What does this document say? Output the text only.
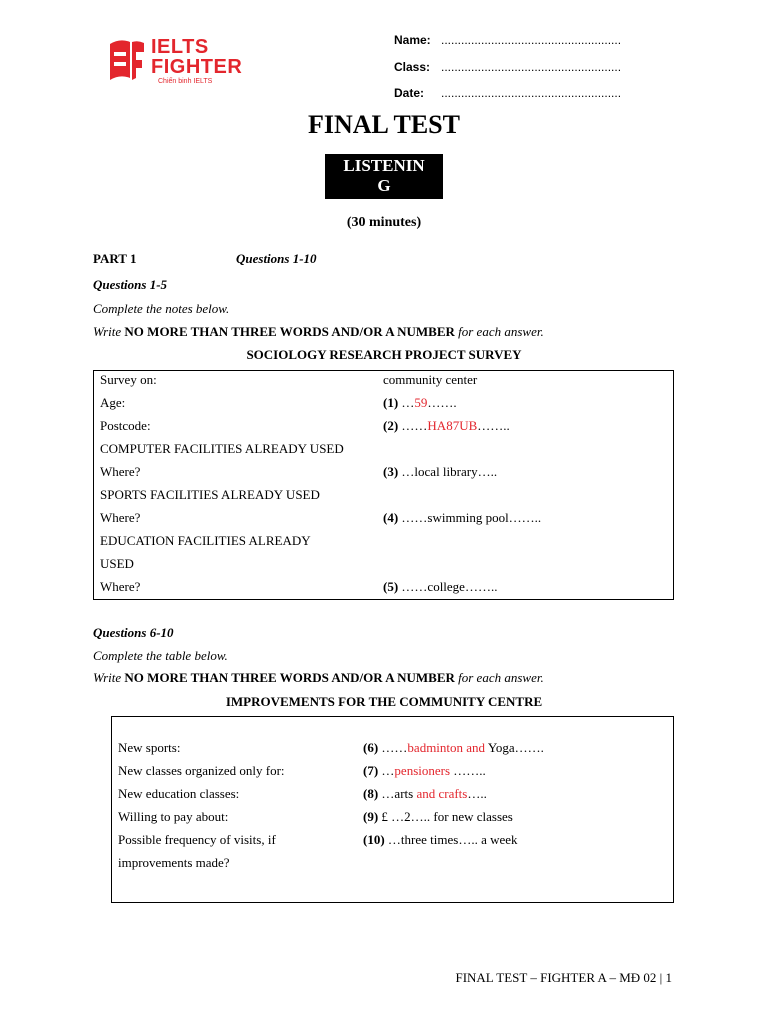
IELTS
FIGHTER
Chiến binh IELTS
Name: ......................................................
Class: ......................................................
Date: ......................................................
FINAL TEST
LISTENIN
G
(30 minutes)
PART 1	Questions 1-10
Questions 1-5
Complete the notes below.
Write NO MORE THAN THREE WORDS AND/OR A NUMBER for each answer.
SOCIOLOGY RESEARCH PROJECT SURVEY
Survey on:	community center
Age:	(1) …59…….
Postcode:	(2) ……HA87UB……..
COMPUTER FACILITIES ALREADY USED
Where?	(3) …local library…..
SPORTS FACILITIES ALREADY USED
Where?	(4) ……swimming pool……..
EDUCATION FACILITIES ALREADY
USED
Where?	(5) ……college……..
Questions 6-10
Complete the table below.
Write NO MORE THAN THREE WORDS AND/OR A NUMBER for each answer.
IMPROVEMENTS FOR THE COMMUNITY CENTRE
New sports:	(6) ……badminton and Yoga…….
New classes organized only for:	(7) …pensioners ……..
New education classes:	(8) …arts and crafts…..
Willing to pay about:	(9) £ …2….. for new classes
Possible frequency of visits, if	(10) …three times….. a week
improvements made?
FINAL TEST – FIGHTER A – MĐ 02 | 1
